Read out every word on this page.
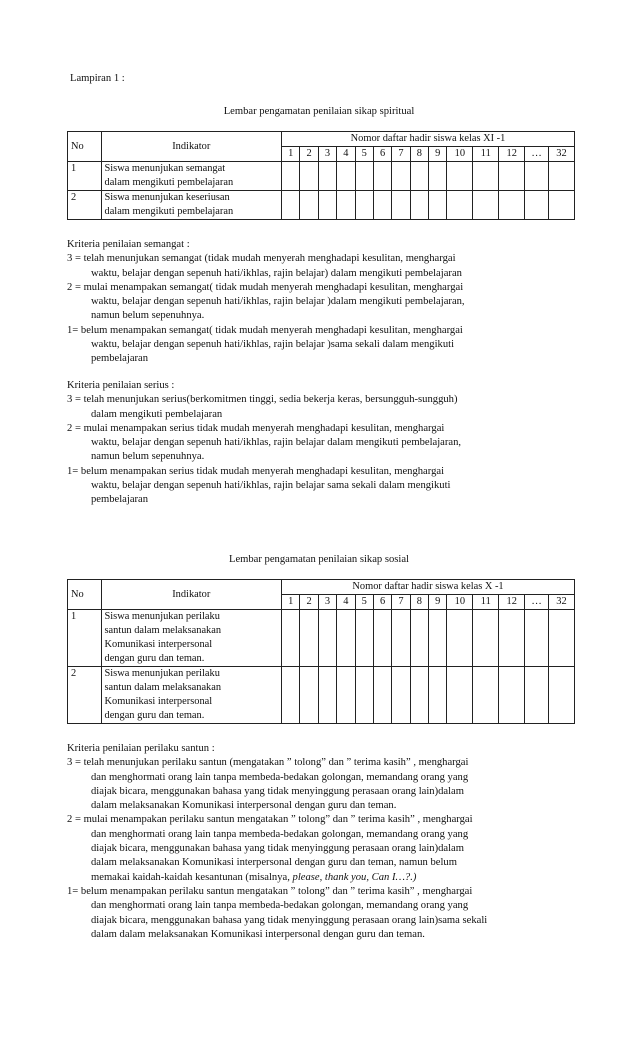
Lampiran 1 :
Lembar pengamatan penilaian sikap spiritual
No	Indikator	Nomor daftar hadir siswa kelas XI -1													
		1	2	3	4	5	6	7	8	9	10	11	12	…	32
1	Siswa menunjukan semangat
dalam mengikuti pembelajaran														

2	Siswa menunjukan keseriusan
dalam mengikuti pembelajaran														

Kriteria penilaian semangat :

3 = telah menunjukan semangat (tidak mudah menyerah menghadapi kesulitan, menghargai
waktu, belajar dengan sepenuh hati/ikhlas, rajin belajar) dalam mengikuti pembelajaran
2 = mulai menampakan semangat( tidak mudah menyerah menghadapi kesulitan, menghargai
waktu, belajar dengan sepenuh hati/ikhlas, rajin belajar )dalam mengikuti pembelajaran,
namun belum sepenuhnya.
1= belum menampakan semangat( tidak mudah menyerah menghadapi kesulitan, menghargai
waktu, belajar dengan sepenuh hati/ikhlas, rajin belajar )sama sekali dalam mengikuti
pembelajaran

Kriteria penilaian serius :

3 = telah menunjukan serius(berkomitmen tinggi, sedia bekerja keras, bersungguh-sungguh)
dalam mengikuti pembelajaran
2 = mulai menampakan serius tidak mudah menyerah menghadapi kesulitan, menghargai
waktu, belajar dengan sepenuh hati/ikhlas, rajin belajar dalam mengikuti pembelajaran,
namun belum sepenuhnya.
1= belum menampakan serius tidak mudah menyerah menghadapi kesulitan, menghargai
waktu, belajar dengan sepenuh hati/ikhlas, rajin belajar sama sekali dalam mengikuti
pembelajaran
Lembar pengamatan penilaian sikap sosial
No	Indikator	Nomor daftar hadir siswa kelas X -1													
		1	2	3	4	5	6	7	8	9	10	11	12	…	32
1	Siswa menunjukan perilaku
santun dalam melaksanakan
Komunikasi interpersonal
dengan guru dan teman.														

2	Siswa menunjukan perilaku
santun dalam melaksanakan
Komunikasi interpersonal
dengan guru dan teman.														

Kriteria penilaian perilaku santun :

3 = telah menunjukan perilaku santun (mengatakan ” tolong” dan ” terima kasih” , menghargai
dan menghormati orang lain tanpa membeda-bedakan golongan, memandang orang yang
diajak bicara, menggunakan bahasa yang tidak menyinggung perasaan orang lain)dalam
dalam melaksanakan Komunikasi interpersonal dengan guru dan teman.
2 = mulai menampakan perilaku santun mengatakan ” tolong” dan ” terima kasih” , menghargai
dan menghormati orang lain tanpa membeda-bedakan golongan, memandang orang yang
diajak bicara, menggunakan bahasa yang tidak menyinggung perasaan orang lain)dalam
dalam melaksanakan Komunikasi interpersonal dengan guru dan teman, namun belum
memakai kaidah-kaidah kesantunan (misalnya, please, thank you, Can I…?.)
1= belum menampakan perilaku santun mengatakan ” tolong” dan ” terima kasih” , menghargai
dan menghormati orang lain tanpa membeda-bedakan golongan, memandang orang yang
diajak bicara, menggunakan bahasa yang tidak menyinggung perasaan orang lain)sama sekali
dalam dalam melaksanakan Komunikasi interpersonal dengan guru dan teman.
